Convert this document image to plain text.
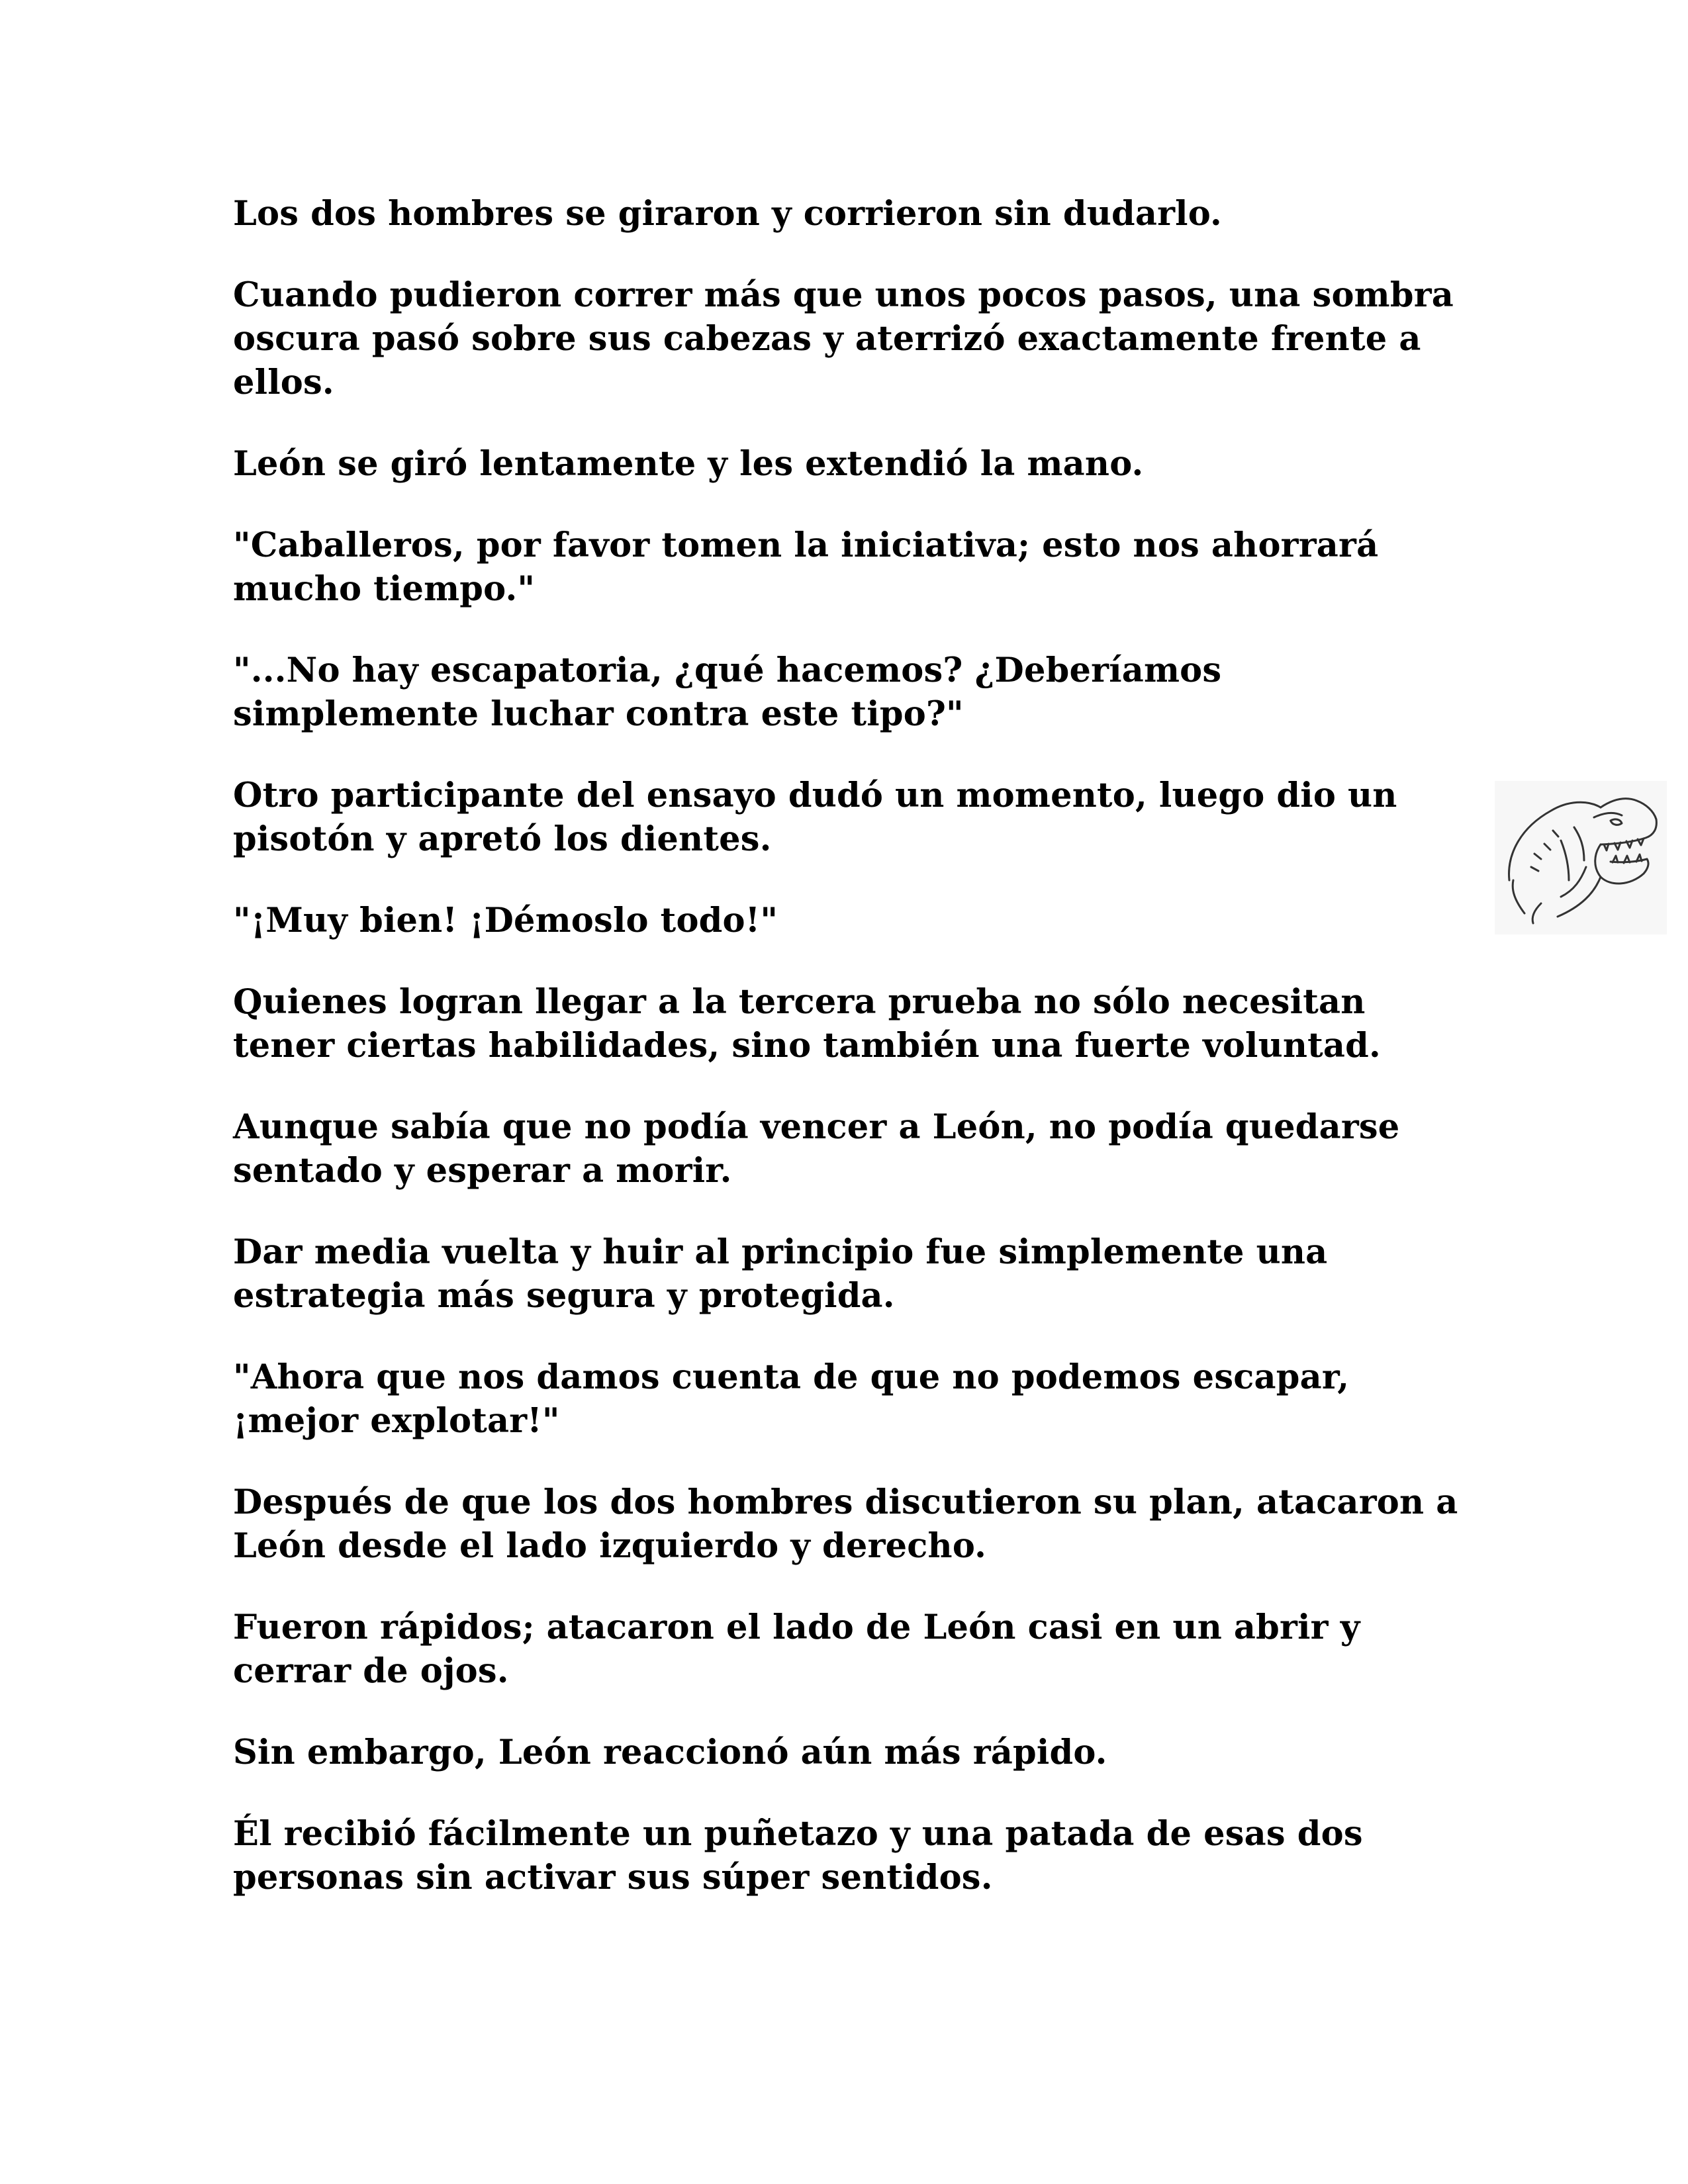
Los dos hombres se giraron y corrieron sin dudarlo.

Cuando pudieron correr más que unos pocos pasos, una sombra oscura pasó sobre sus cabezas y aterrizó exactamente frente a ellos.

León se giró lentamente y les extendió la mano.

"Caballeros, por favor tomen la iniciativa; esto nos ahorrará mucho tiempo."

"...No hay escapatoria, ¿qué hacemos? ¿Deberíamos simplemente luchar contra este tipo?"

Otro participante del ensayo dudó un momento, luego dio un pisotón y apretó los dientes.

"¡Muy bien! ¡Démoslo todo!"

Quienes logran llegar a la tercera prueba no sólo necesitan tener ciertas habilidades, sino también una fuerte voluntad.

Aunque sabía que no podía vencer a León, no podía quedarse sentado y esperar a morir.

Dar media vuelta y huir al principio fue simplemente una estrategia más segura y protegida.

"Ahora que nos damos cuenta de que no podemos escapar, ¡mejor explotar!"

Después de que los dos hombres discutieron su plan, atacaron a León desde el lado izquierdo y derecho.

Fueron rápidos; atacaron el lado de León casi en un abrir y cerrar de ojos.

Sin embargo, León reaccionó aún más rápido.

Él recibió fácilmente un puñetazo y una patada de esas dos personas sin activar sus súper sentidos.
